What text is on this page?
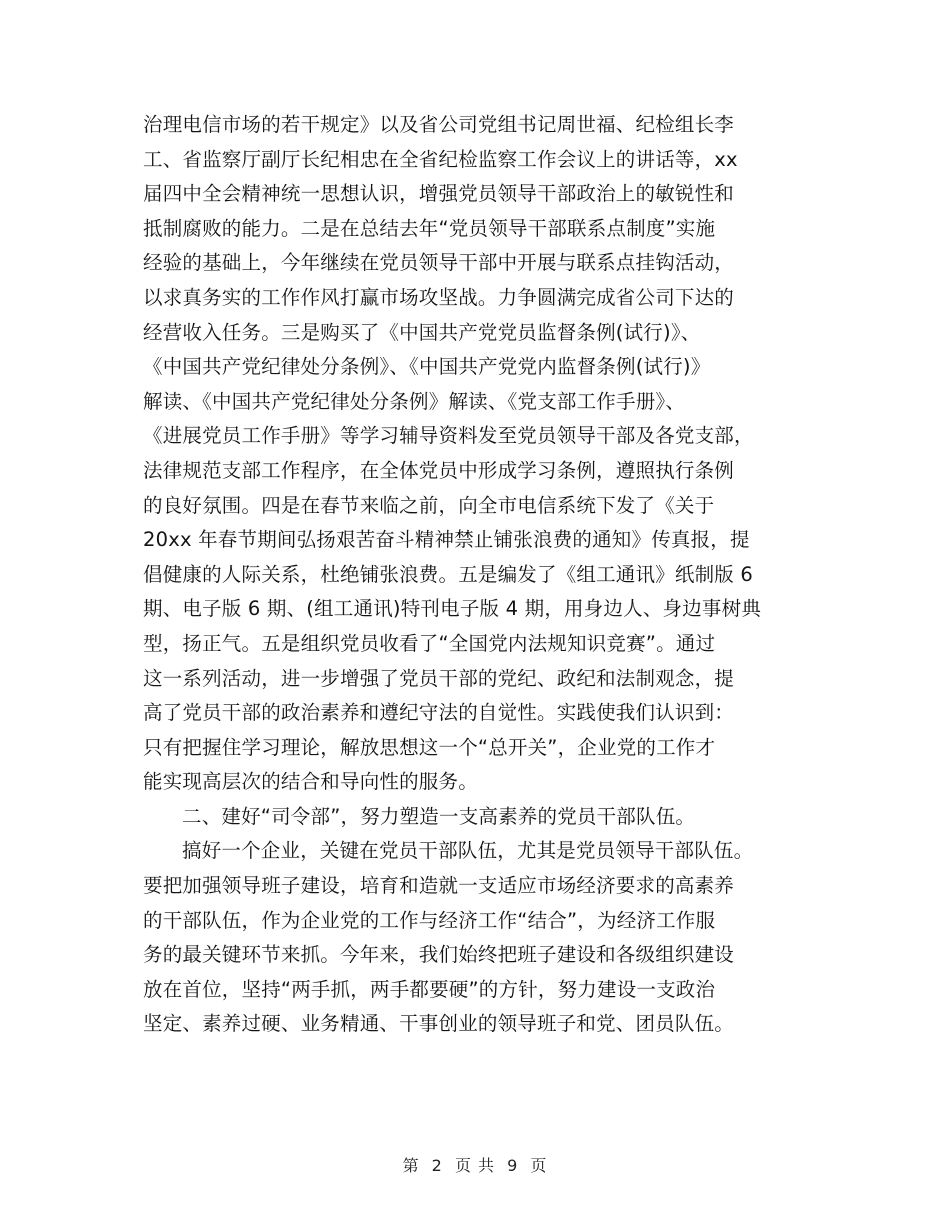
治理电信市场的若干规定》以及省公司党组书记周世福、纪检组长李
工、省监察厅副厅长纪相忠在全省纪检监察工作会议上的讲话等，xx
届四中全会精神统一思想认识，增强党员领导干部政治上的敏锐性和
抵制腐败的能力。二是在总结去年“党员领导干部联系点制度”实施
经验的基础上，今年继续在党员领导干部中开展与联系点挂钩活动，
以求真务实的工作作风打赢市场攻坚战。力争圆满完成省公司下达的
经营收入任务。三是购买了《中国共产党党员监督条例(试行)》、
《中国共产党纪律处分条例》、《中国共产党党内监督条例(试行)》
解读、《中国共产党纪律处分条例》解读、《党支部工作手册》、
《进展党员工作手册》等学习辅导资料发至党员领导干部及各党支部，
法律规范支部工作程序，在全体党员中形成学习条例，遵照执行条例
的良好氛围。四是在春节来临之前，向全市电信系统下发了《关于
20xx 年春节期间弘扬艰苦奋斗精神禁止铺张浪费的通知》传真报，提
倡健康的人际关系，杜绝铺张浪费。五是编发了《组工通讯》纸制版 6
期、电子版 6 期、(组工通讯)特刊电子版 4 期，用身边人、身边事树典
型，扬正气。五是组织党员收看了“全国党内法规知识竞赛”。通过
这一系列活动，进一步增强了党员干部的党纪、政纪和法制观念，提
高了党员干部的政治素养和遵纪守法的自觉性。实践使我们认识到：
只有把握住学习理论，解放思想这一个“总开关”，企业党的工作才
能实现高层次的结合和导向性的服务。
二、建好“司令部”，努力塑造一支高素养的党员干部队伍。
搞好一个企业，关键在党员干部队伍，尤其是党员领导干部队伍。
要把加强领导班子建设，培育和造就一支适应市场经济要求的高素养
的干部队伍，作为企业党的工作与经济工作“结合”，为经济工作服
务的最关键环节来抓。今年来，我们始终把班子建设和各级组织建设
放在首位，坚持“两手抓，两手都要硬”的方针，努力建设一支政治
坚定、素养过硬、业务精通、干事创业的领导班子和党、团员队伍。
第 2 页 共 9 页
